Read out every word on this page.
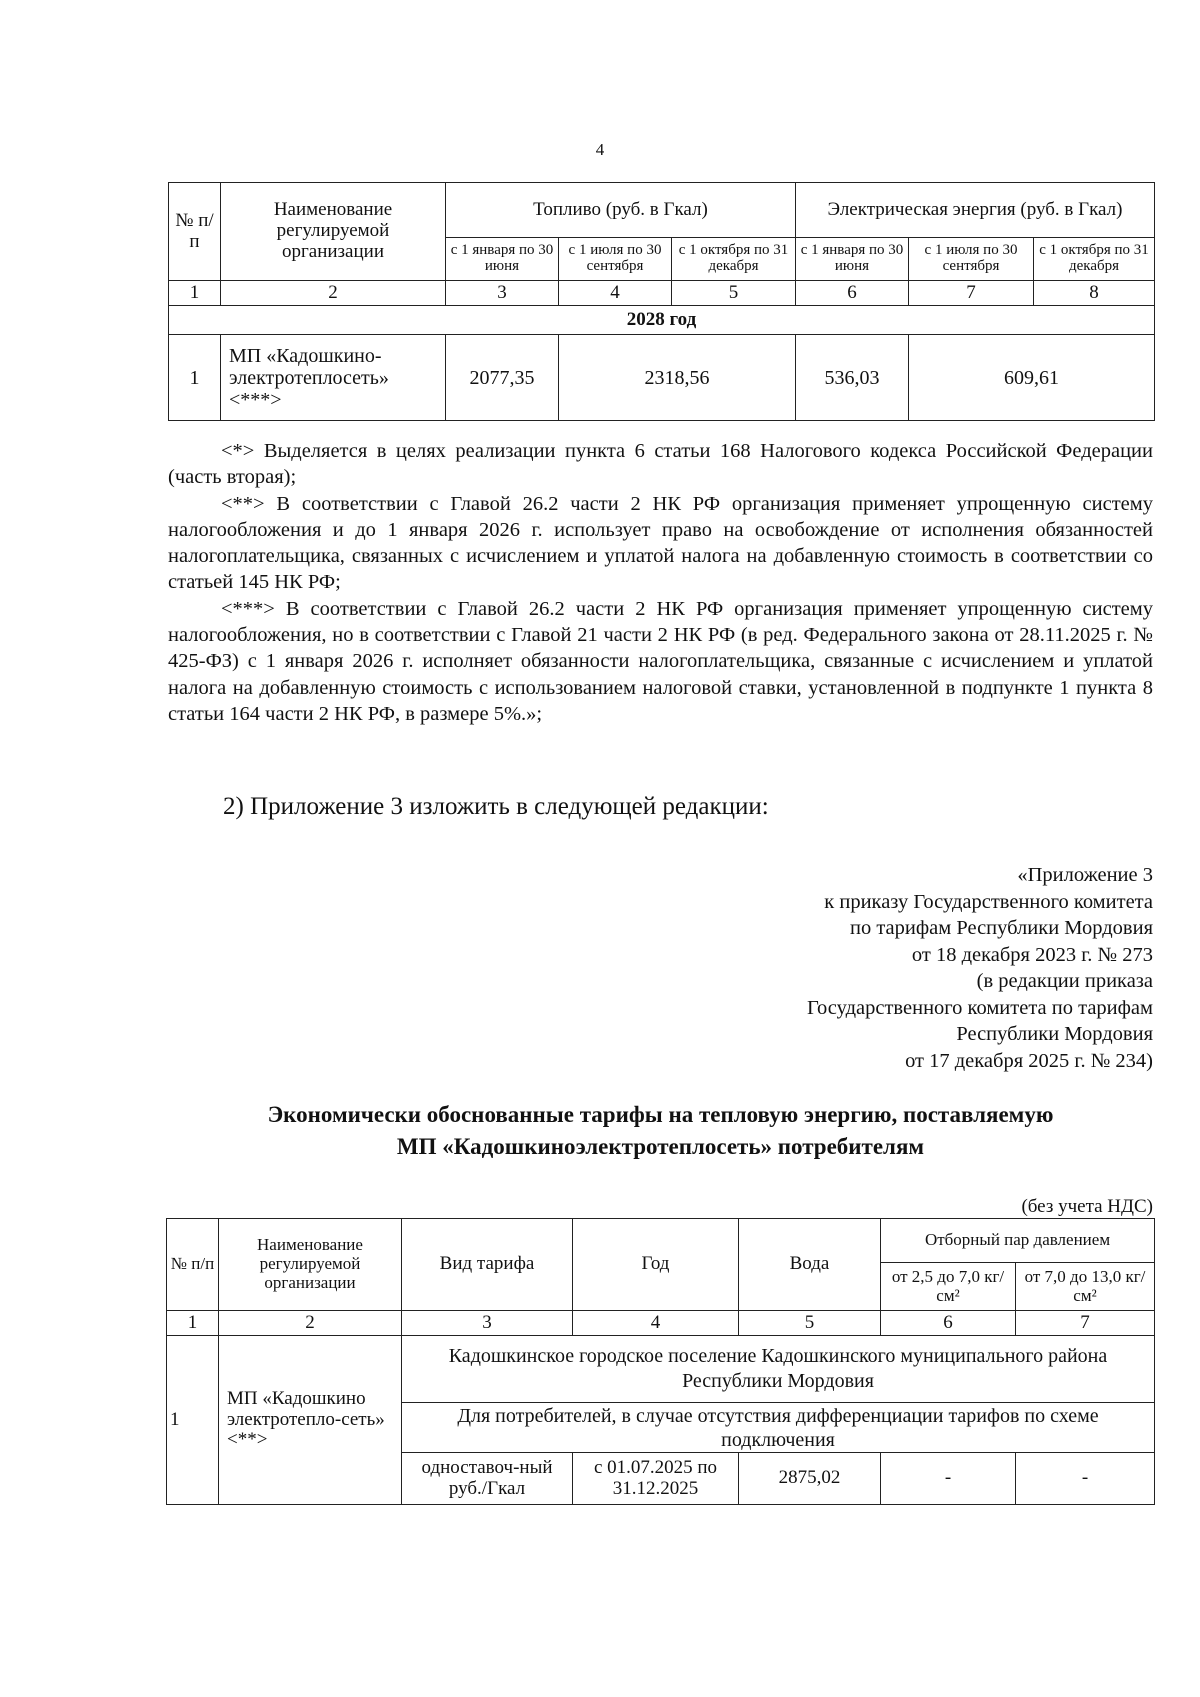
4
№ п/п	Наименование регулируемой организации	Топливо (руб. в Гкал)			Электрическая энергия (руб. в Гкал)		
		с 1 января по 30 июня	с 1 июля по 30 сентября	с 1 октября по 31 декабря	с 1 января по 30 июня	с 1 июля по 30 сентября	с 1 октября по 31 декабря
1	2	3	4	5	6	7	8
2028 год							
1	МП «Кадошкино-электротеплосеть» <***>	2077,35	2318,56		536,03	609,61	

<*> Выделяется в целях реализации пункта 6 статьи 168 Налогового кодекса Российской Федерации (часть вторая);

<**> В соответствии с Главой 26.2 части 2 НК РФ организация применяет упрощенную систему налогообложения и до 1 января 2026 г. использует право на освобождение от исполнения обязанностей налогоплательщика, связанных с исчислением и уплатой налога на добавленную стоимость в соответствии со статьей 145 НК РФ;

<***> В соответствии с Главой 26.2 части 2 НК РФ организация применяет упрощенную систему налогообложения, но в соответствии с Главой 21 части 2 НК РФ (в ред. Федерального закона от 28.11.2025 г. № 425-ФЗ) с 1 января 2026 г. исполняет обязанности налогоплательщика, связанные с исчислением и уплатой налога на добавленную стоимость с использованием налоговой ставки, установленной в подпункте 1 пункта 8 статьи 164 части 2 НК РФ, в размере 5%.»;

2) Приложение 3 изложить в следующей редакции:
«Приложение 3
к приказу Государственного комитета
по тарифам Республики Мордовия
от 18 декабря 2023 г. № 273
(в редакции приказа
Государственного комитета по тарифам
Республики Мордовия
от 17 декабря 2025 г. № 234)
Экономически обоснованные тарифы на тепловую энергию, поставляемую
МП «Кадошкиноэлектротеплосеть» потребителям
(без учета НДС)
№ п/п	Наименование регулируемой организации	Вид тарифа	Год	Вода	Отборный пар давлением	
					от 2,5 до 7,0 кг/см²	от 7,0 до 13,0 кг/см²
1	2	3	4	5	6	7
1	МП «Кадошкино электротепло-сеть» <**>	Кадошкинское городское поселение Кадошкинского муниципального района Республики Мордовия				
		Для потребителей, в случае отсутствия дифференциации тарифов по схеме подключения				
		одноставоч-ный руб./Гкал	с 01.07.2025 по 31.12.2025	2875,02	-	-
